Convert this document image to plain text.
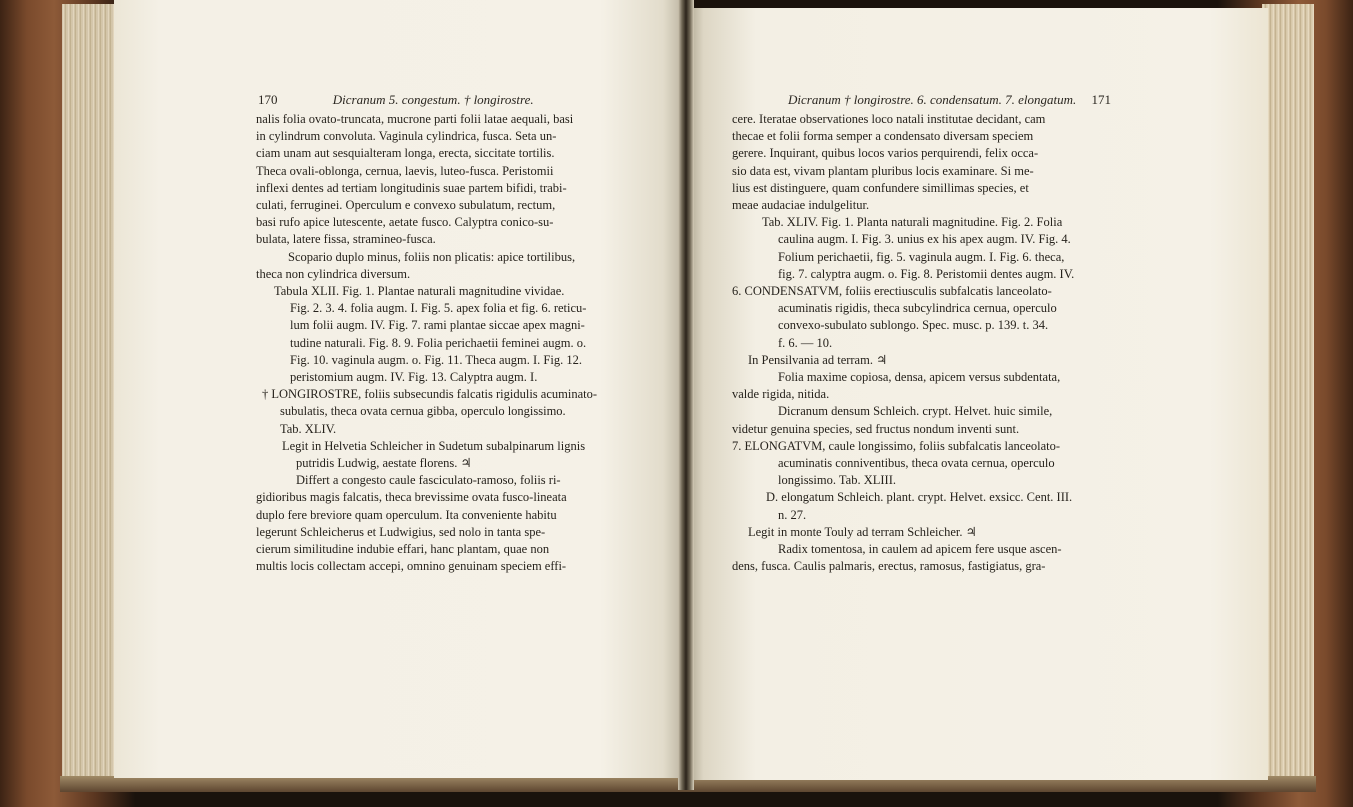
170	Dicranum 5. congestum. † longirostre.	Dicranum † longirostre. 6. condensatum. 7. elongatum. 171
nalis folia ovato-truncata, mucrone parti folii latae aequali, basi
in cylindrum convoluta. Vaginula cylindrica, fusca. Seta un-
ciam unam aut sesquialteram longa, erecta, siccitate tortilis.
Theca ovali-oblonga, cernua, laevis, luteo-fusca. Peristomii
inflexi dentes ad tertiam longitudinis suae partem bifidi, trabi-
culati, ferruginei. Operculum e convexo subulatum, rectum,
basi rufo apice lutescente, aetate fusco. Calyptra conico-su-
bulata, latere fissa, stramineo-fusca.
Scopario duplo minus, foliis non plicatis: apice tortilibus,
theca non cylindrica diversum.
Tabula XLII. Fig. 1. Plantae naturali magnitudine vividae.
Fig. 2. 3. 4. folia augm. I. Fig. 5. apex folia et fig. 6. reticu-
lum folii augm. IV. Fig. 7. rami plantae siccae apex magni-
tudine naturali. Fig. 8. 9. Folia perichaetii feminei augm. o.
Fig. 10. vaginula augm. o. Fig. 11. Theca augm. I. Fig. 12.
peristomium augm. IV. Fig. 13. Calyptra augm. I.
† LONGIROSTRE, foliis subsecundis falcatis rigidulis acuminato-
subulatis, theca ovata cernua gibba, operculo longissimo.
Tab. XLIV.
Legit in Helvetia Schleicher in Sudetum subalpinarum lignis
putridis Ludwig, aestate florens. ♃
Differt a congesto caule fasciculato-ramoso, foliis ri-
gidioribus magis falcatis, theca brevissime ovata fusco-lineata
duplo fere breviore quam operculum. Ita conveniente habitu
legerunt Schleicherus et Ludwigius, sed nolo in tanta spe-
cierum similitudine indubie effari, hanc plantam, quae non
multis locis collectam accepi, omnino genuinam speciem effi-
cere. Iteratae observationes loco natali institutae decidant, cam
thecae et folii forma semper a condensato diversam speciem
gerere. Inquirant, quibus locos varios perquirendi, felix occa-
sio data est, vivam plantam pluribus locis examinare. Si me-
lius est distinguere, quam confundere simillimas species, et
meae audaciae indulgelitur.
Tab. XLIV. Fig. 1. Planta naturali magnitudine. Fig. 2. Folia
caulina augm. I. Fig. 3. unius ex his apex augm. IV. Fig. 4.
Folium perichaetii, fig. 5. vaginula augm. I. Fig. 6. theca,
fig. 7. calyptra augm. o. Fig. 8. Peristomii dentes augm. IV.
6. CONDENSATVM, foliis erectiusculis subfalcatis lanceolato-
acuminatis rigidis, theca subcylindrica cernua, operculo
convexo-subulato sublongo. Spec. musc. p. 139. t. 34.
f. 6. — 10.
In Pensilvania ad terram. ♃
Folia maxime copiosa, densa, apicem versus subdentata,
valde rigida, nitida.
Dicranum densum Schleich. crypt. Helvet. huic simile,
videtur genuina species, sed fructus nondum inventi sunt.
7. ELONGATVM, caule longissimo, foliis subfalcatis lanceolato-
acuminatis conniventibus, theca ovata cernua, operculo
longissimo. Tab. XLIII.
D. elongatum Schleich. plant. crypt. Helvet. exsicc. Cent. III.
n. 27.
Legit in monte Touly ad terram Schleicher. ♃
Radix tomentosa, in caulem ad apicem fere usque ascen-
dens, fusca. Caulis palmaris, erectus, ramosus, fastigiatus, gra-
